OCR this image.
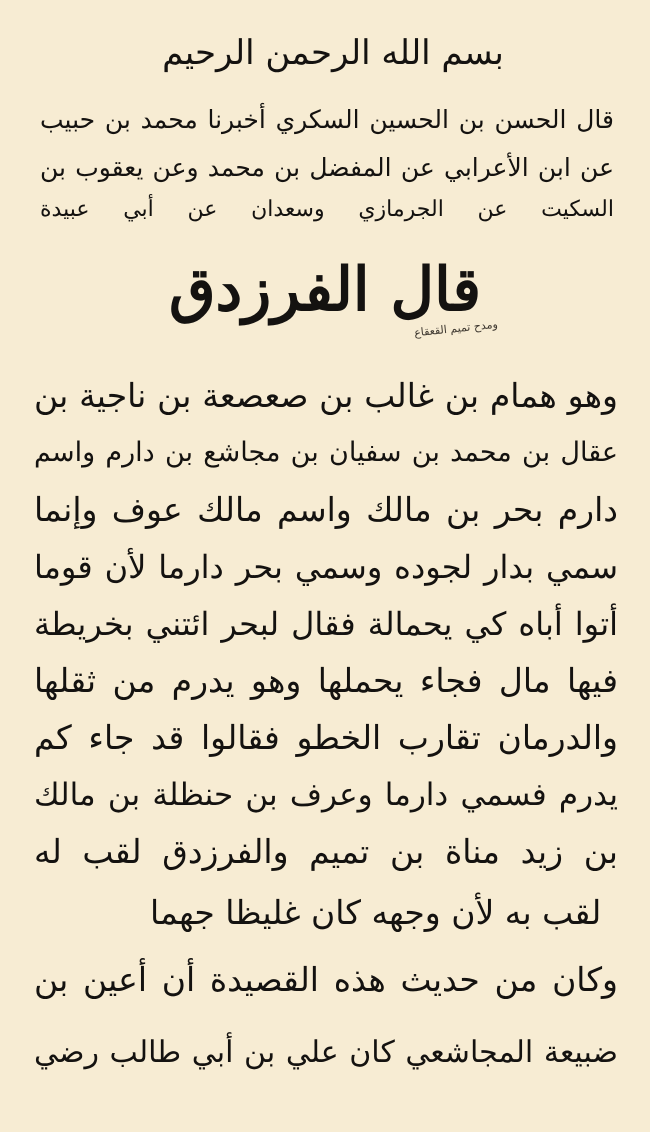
بسم الله الرحمن الرحيم
قال الحسن بن الحسين السكري أخبرنا محمد بن حبيب
عن ابن الأعرابي عن المفضل بن محمد وعن يعقوب بن
السكيت عن الجرمازي وسعدان عن أبي عبيدة
قال الفرزدق
ومدح تميم القعقاع
وهو همام بن غالب بن صعصعة بن ناجية بن
عقال بن محمد بن سفيان بن مجاشع بن دارم واسم
دارم بحر بن مالك واسم مالك عوف وإنما
سمي بدار لجوده وسمي بحر دارما لأن قوما
أتوا أباه كي يحمالة فقال لبحر ائتني بخريطة
فيها مال فجاء يحملها وهو يدرم من ثقلها
والدرمان تقارب الخطو فقالوا قد جاء كم
يدرم فسمي دارما وعرف بن حنظلة بن مالك
بن زيد مناة بن تميم والفرزدق لقب له
لقب به لأن وجهه كان غليظا جهما
وكان من حديث هذه القصيدة أن أعين بن
ضبيعة المجاشعي كان علي بن أبي طالب رضي
